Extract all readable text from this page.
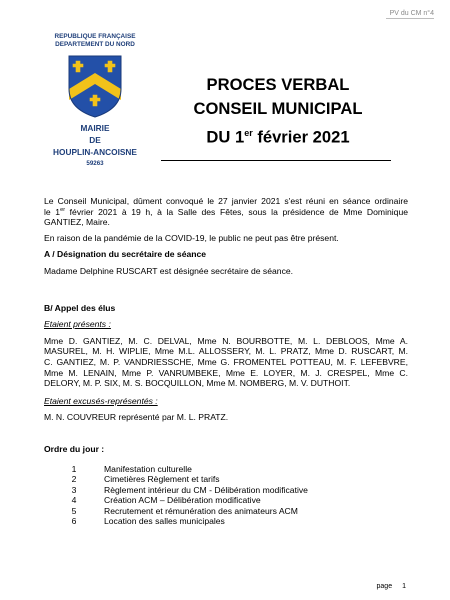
PV du CM n°4
REPUBLIQUE FRANÇAISE
DEPARTEMENT DU NORD
MAIRIE
DE
HOUPLIN-ANCOISNE
59263
PROCES VERBAL
CONSEIL MUNICIPAL
DU 1er février 2021

Le Conseil Municipal, dûment convoqué le 27 janvier 2021 s'est réuni en séance ordinaire

le 1er février 2021 à 19 h, à la Salle des Fêtes, sous la présidence de Mme Dominique

GANTIEZ, Maire.

En raison de la pandémie de la COVID-19, le public ne peut pas être présent.

A / Désignation du secrétaire de séance

Madame Delphine RUSCART est désignée secrétaire de séance.

B/ Appel des élus

Etaient présents :

Mme D. GANTIEZ, M. C. DELVAL, Mme N. BOURBOTTE, M. L. DEBLOOS, Mme A.

MASUREL, M. H. WIPLIE, Mme M.L. ALLOSSERY, M. L. PRATZ, Mme D. RUSCART, M.

C. GANTIEZ, M. P. VANDRIESSCHE, Mme G. FROMENTEL POTTEAU, M. F. LEFEBVRE,

Mme M. LENAIN, Mme P. VANRUMBEKE, Mme E. LOYER, M. J. CRESPEL, Mme C.

DELORY, M. P. SIX, M. S. BOCQUILLON, Mme M. NOMBERG, M. V. DUTHOIT.

Etaient excusés-représentés :

M. N. COUVREUR représenté par M. L. PRATZ.

Ordre du jour :

1	Manifestation culturelle
2	Cimetières Règlement et tarifs
3	Règlement intérieur du CM - Délibération modificative
4	Création ACM – Délibération modificative
5	Recrutement et rémunération des animateurs ACM
6	Location des salles municipales
page 1
